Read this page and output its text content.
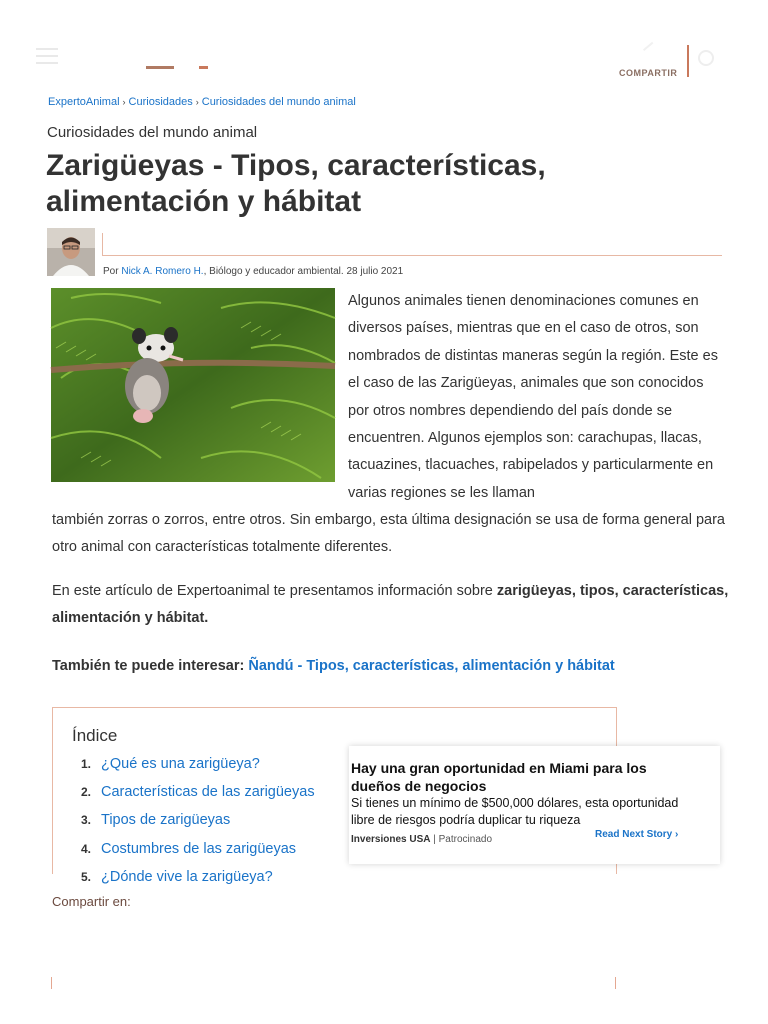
COMPARTIR
ExpertoAnimal › Curiosidades › Curiosidades del mundo animal
Curiosidades del mundo animal
Zarigüeyas - Tipos, características, alimentación y hábitat
Por Nick A. Romero H., Biólogo y educador ambiental. 28 julio 2021

Algunos animales tienen denominaciones comunes en diversos países, mientras que en el caso de otros, son nombrados de distintas maneras según la región. Este es el caso de las Zarigüeyas, animales que son conocidos por otros nombres dependiendo del país donde se encuentren. Algunos ejemplos son: carachupas, llacas, tacuazines, tlacuaches, rabipelados y particularmente en varias regiones se les llaman

también zorras o zorros, entre otros. Sin embargo, esta última designación se usa de forma general para otro animal con características totalmente diferentes.

En este artículo de Expertoanimal te presentamos información sobre zarigüeyas, tipos, características, alimentación y hábitat.

También te puede interesar: Ñandú - Tipos, características, alimentación y hábitat
Índice
1. ¿Qué es una zarigüeya?
2. Características de las zarigüeyas
3. Tipos de zarigüeyas
4. Costumbres de las zarigüeyas
5. ¿Dónde vive la zarigüeya?
Hay una gran oportunidad en Miami para los dueños de negocios
Si tienes un mínimo de $500,000 dólares, esta oportunidad libre de riesgos podría duplicar tu riqueza
Inversiones USA | Patrocinado	Read Next Story ›
Compartir en:
